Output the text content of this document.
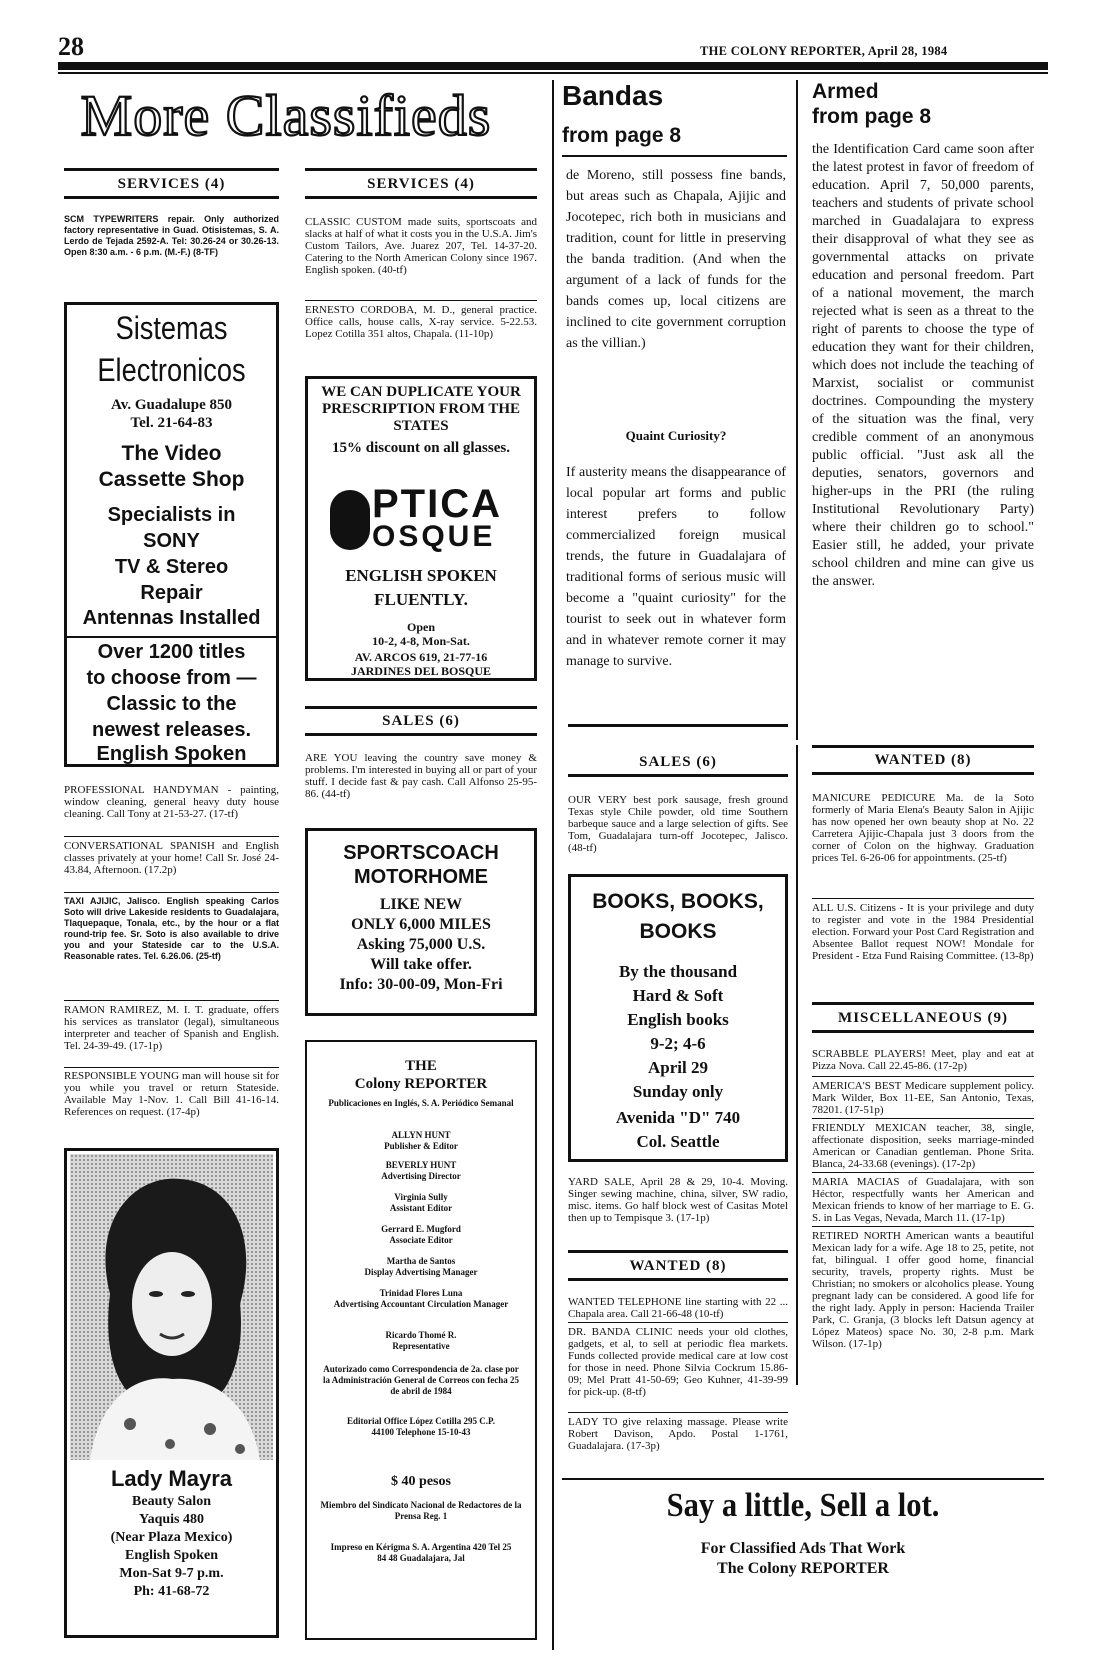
28	THE COLONY REPORTER, April 28, 1984
More Classifieds
SERVICES (4)
SCM TYPEWRITERS repair. Only authorized factory representative in Guad. Otisistemas, S. A. Lerdo de Tejada 2592-A. Tel: 30.26-24 or 30.26-13. Open 8:30 a.m. - 6 p.m. (M.-F.) (8-TF)
Sistemas
Electronicos
Av. Guadalupe 850
Tel. 21-64-83
The Video
Cassette Shop
Specialists in
SONY
TV & Stereo
Repair
Antennas Installed
Over 1200 titles
to choose from —
Classic to the
newest releases.
English Spoken
PROFESSIONAL HANDYMAN - painting, window cleaning, general heavy duty house cleaning. Call Tony at 21-53-27. (17-tf)
CONVERSATIONAL SPANISH and English classes privately at your home! Call Sr. José 24-43.84, Afternoon. (17.2p)
TAXI AJIJIC, Jalisco. English speaking Carlos Soto will drive Lakeside residents to Guadalajara, Tlaquepaque, Tonala, etc., by the hour or a flat round-trip fee. Sr. Soto is also available to drive you and your Stateside car to the U.S.A. Reasonable rates. Tel. 6.26.06. (25-tf)
RAMON RAMIREZ, M. I. T. graduate, offers his services as translator (legal), simultaneous interpreter and teacher of Spanish and English. Tel. 24-39-49. (17-1p)
RESPONSIBLE YOUNG man will house sit for you while you travel or return Stateside. Available May 1-Nov. 1. Call Bill 41-16-14. References on request. (17-4p)
Lady Mayra
Beauty Salon
Yaquis 480
(Near Plaza Mexico)
English Spoken
Mon-Sat 9-7 p.m.
Ph: 41-68-72
SERVICES (4)
CLASSIC CUSTOM made suits, sportscoats and slacks at half of what it costs you in the U.S.A. Jim's Custom Tailors, Ave. Juarez 207, Tel. 14-37-20. Catering to the North American Colony since 1967. English spoken. (40-tf)
ERNESTO CORDOBA, M. D., general practice. Office calls, house calls, X-ray service. 5-22.53. Lopez Cotilla 351 altos, Chapala. (11-10p)
WE CAN DUPLICATE YOUR PRESCRIPTION FROM THE STATES
15% discount on all glasses.
PTICA
OSQUE
ENGLISH SPOKEN
FLUENTLY.
Open
10-2, 4-8, Mon-Sat.
AV. ARCOS 619, 21-77-16
JARDINES DEL BOSQUE
SALES (6)
ARE YOU leaving the country save money & problems. I'm interested in buying all or part of your stuff. I decide fast & pay cash. Call Alfonso 25-95-86. (44-tf)
SPORTSCOACH
MOTORHOME
LIKE NEW
ONLY 6,000 MILES
Asking 75,000 U.S.
Will take offer.
Info: 30-00-09, Mon-Fri
THE
Colony REPORTER
Publicaciones en Inglés, S. A. Periódico Semanal
ALLYN HUNT
Publisher & Editor
BEVERLY HUNT
Advertising Director
Virginia Sully
Assistant Editor
Gerrard E. Mugford
Associate Editor
Martha de Santos
Display Advertising Manager
Trinidad Flores Luna
Advertising Accountant Circulation Manager
Ricardo Thomé R.
Representative
Autorizado como Correspondencia de 2a. clase por la Administración General de Correos con fecha 25 de abril de 1984
Editorial Office López Cotilla 295 C.P. 44100 Telephone 15-10-43
$ 40 pesos
Miembro del Sindicato Nacional de Redactores de la Prensa Reg. 1
Impreso en Kérigma S. A. Argentina 420 Tel 25 84 48 Guadalajara, Jal
Bandas
from page 8
de Moreno, still possess fine bands, but areas such as Chapala, Ajijic and Jocotepec, rich both in musicians and tradition, count for little in preserving the banda tradition. (And when the argument of a lack of funds for the bands comes up, local citizens are inclined to cite government corruption as the villian.)
Quaint Curiosity?
If austerity means the disappearance of local popular art forms and public interest prefers to follow commercialized foreign musical trends, the future in Guadalajara of traditional forms of serious music will become a "quaint curiosity" for the tourist to seek out in whatever form and in whatever remote corner it may manage to survive.
Armed
from page 8
the Identification Card came soon after the latest protest in favor of freedom of education. April 7, 50,000 parents, teachers and students of private school marched in Guadalajara to express their disapproval of what they see as governmental attacks on private education and personal freedom. Part of a national movement, the march rejected what is seen as a threat to the right of parents to choose the type of education they want for their children, which does not include the teaching of Marxist, socialist or communist doctrines. Compounding the mystery of the situation was the final, very credible comment of an anonymous public official. "Just ask all the deputies, senators, governors and higher-ups in the PRI (the ruling Institutional Revolutionary Party) where their children go to school." Easier still, he added, your private school children and mine can give us the answer.
SALES (6)
OUR VERY best pork sausage, fresh ground Texas style Chile powder, old time Southern barbeque sauce and a large selection of gifts. See Tom, Guadalajara turn-off Jocotepec, Jalisco. (48-tf)
BOOKS, BOOKS,
BOOKS
By the thousand
Hard & Soft
English books
9-2; 4-6
April 29
Sunday only
Avenida "D" 740
Col. Seattle
YARD SALE, April 28 & 29, 10-4. Moving. Singer sewing machine, china, silver, SW radio, misc. items. Go half block west of Casitas Motel then up to Tempisque 3. (17-1p)
WANTED (8)
WANTED TELEPHONE line starting with 22 ... Chapala area. Call 21-66-48 (10-tf)
DR. BANDA CLINIC needs your old clothes, gadgets, et al, to sell at periodic flea markets. Funds collected provide medical care at low cost for those in need. Phone Silvia Cockrum 15.86-09; Mel Pratt 41-50-69; Geo Kuhner, 41-39-99 for pick-up. (8-tf)
LADY TO give relaxing massage. Please write Robert Davison, Apdo. Postal 1-1761, Guadalajara. (17-3p)
WANTED (8)
MANICURE PEDICURE Ma. de la Soto formerly of Maria Elena's Beauty Salon in Ajijic has now opened her own beauty shop at No. 22 Carretera Ajijic-Chapala just 3 doors from the corner of Colon on the highway. Graduation prices Tel. 6-26-06 for appointments. (25-tf)
ALL U.S. Citizens - It is your privilege and duty to register and vote in the 1984 Presidential election. Forward your Post Card Registration and Absentee Ballot request NOW! Mondale for President - Etza Fund Raising Committee. (13-8p)
MISCELLANEOUS (9)
SCRABBLE PLAYERS! Meet, play and eat at Pizza Nova. Call 22.45-86. (17-2p)
AMERICA'S BEST Medicare supplement policy. Mark Wilder, Box 11-EE, San Antonio, Texas, 78201. (17-51p)
FRIENDLY MEXICAN teacher, 38, single, affectionate disposition, seeks marriage-minded American or Canadian gentleman. Phone Srita. Blanca, 24-33.68 (evenings). (17-2p)
MARIA MACIAS of Guadalajara, with son Héctor, respectfully wants her American and Mexican friends to know of her marriage to E. G. S. in Las Vegas, Nevada, March 11. (17-1p)
RETIRED NORTH American wants a beautiful Mexican lady for a wife. Age 18 to 25, petite, not fat, bilingual. I offer good home, financial security, travels, property rights. Must be Christian; no smokers or alcoholics please. Young pregnant lady can be considered. A good life for the right lady. Apply in person: Hacienda Trailer Park, C. Granja, (3 blocks left Datsun agency at López Mateos) space No. 30, 2-8 p.m. Mark Wilson. (17-1p)
Say a little, Sell a lot.
For Classified Ads That Work
The Colony REPORTER
